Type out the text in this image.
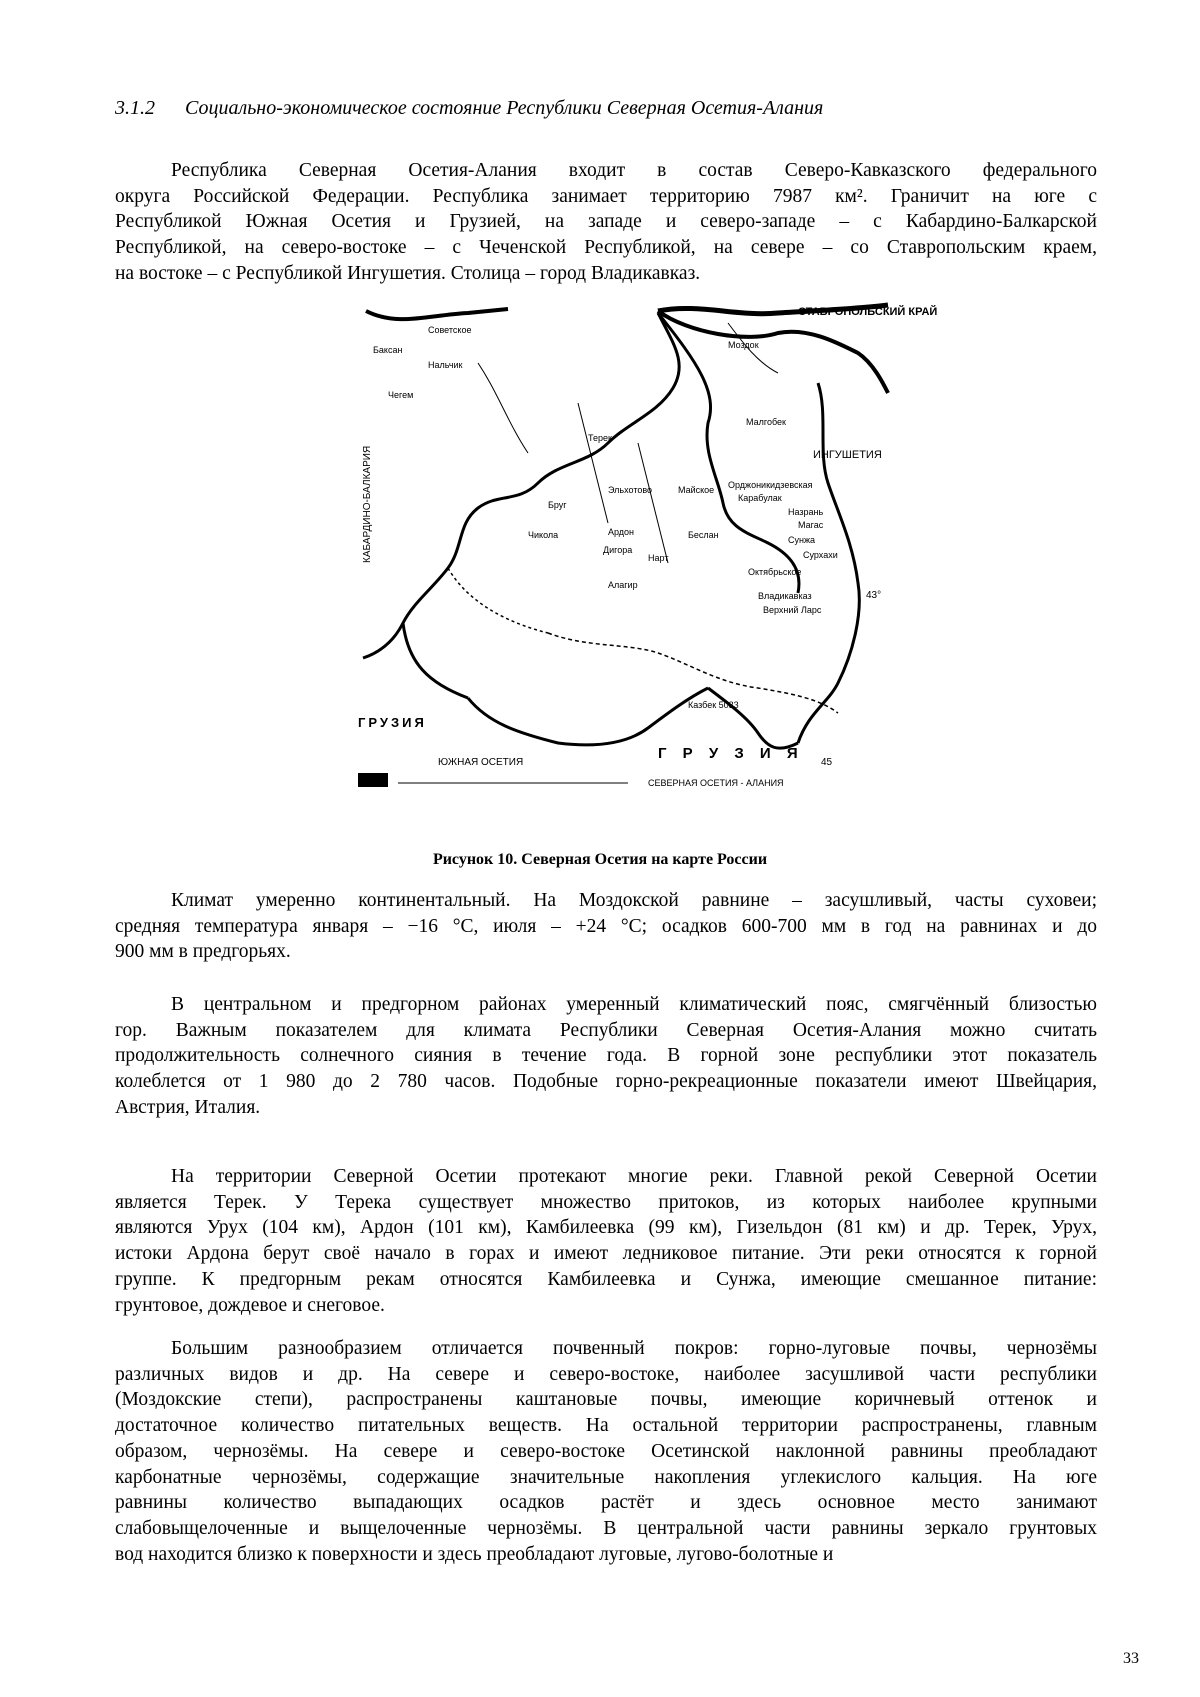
3.1.2 Социально-экономическое состояние Республики Северная Осетия-Алания
Республика Северная Осетия-Алания входит в состав Северо-Кавказского федерального
округа Российской Федерации. Республика занимает территорию 7987 км². Граничит на юге с
Республикой Южная Осетия и Грузией, на западе и северо-западе – с Кабардино-Балкарской
Республикой, на северо-востоке – с Чеченской Республикой, на севере – со Ставропольским краем,
на востоке – с Республикой Ингушетия. Столица – город Владикавказ.
СТАВРОПОЛЬСКИЙ КРАЙ
ИНГУШЕТИЯ
КАБАРДИНО-БАЛКАРИЯ
ГРУЗИЯ
Г Р У З И Я
ЮЖНАЯ ОСЕТИЯ
СЕВЕРНАЯ ОСЕТИЯ - АЛАНИЯ
43°
45
Моздок
Терек
Малгобек
Назрань
Магас
Беслан
Ардон
Дигора
Алагир
Чикола
Нарт
Эльхотово	Майское
Октябрьское
Владикавказ
Верхний Ларс
Казбек 5033
Нальчик
Баксан
Чегем
Советское
Орджоникидзевская
Карабулак
Сунжа
Сурхахи
Бруг
Рисунок 10. Северная Осетия на карте России
Климат умеренно континентальный. На Моздокской равнине – засушливый, часты суховеи;
средняя температура января – −16 °С, июля – +24 °С; осадков 600-700 мм в год на равнинах и до
900 мм в предгорьях.
В центральном и предгорном районах умеренный климатический пояс, смягчённый близостью
гор. Важным показателем для климата Республики Северная Осетия-Алания можно считать
продолжительность солнечного сияния в течение года. В горной зоне республики этот показатель
колеблется от 1 980 до 2 780 часов. Подобные горно-рекреационные показатели имеют Швейцария,
Австрия, Италия.
На территории Северной Осетии протекают многие реки. Главной рекой Северной Осетии
является Терек. У Терека существует множество притоков, из которых наиболее крупными
являются Урух (104 км), Ардон (101 км), Камбилеевка (99 км), Гизельдон (81 км) и др. Терек, Урух,
истоки Ардона берут своё начало в горах и имеют ледниковое питание. Эти реки относятся к горной
группе. К предгорным рекам относятся Камбилеевка и Сунжа, имеющие смешанное питание:
грунтовое, дождевое и снеговое.
Большим разнообразием отличается почвенный покров: горно-луговые почвы, чернозёмы
различных видов и др. На севере и северо-востоке, наиболее засушливой части республики
(Моздокские степи), распространены каштановые почвы, имеющие коричневый оттенок и
достаточное количество питательных веществ. На остальной территории распространены, главным
образом, чернозёмы. На севере и северо-востоке Осетинской наклонной равнины преобладают
карбонатные чернозёмы, содержащие значительные накопления углекислого кальция. На юге
равнины количество выпадающих осадков растёт и здесь основное место занимают
слабовыщелоченные и выщелоченные чернозёмы. В центральной части равнины зеркало грунтовых
вод находится близко к поверхности и здесь преобладают луговые, лугово-болотные и
33
